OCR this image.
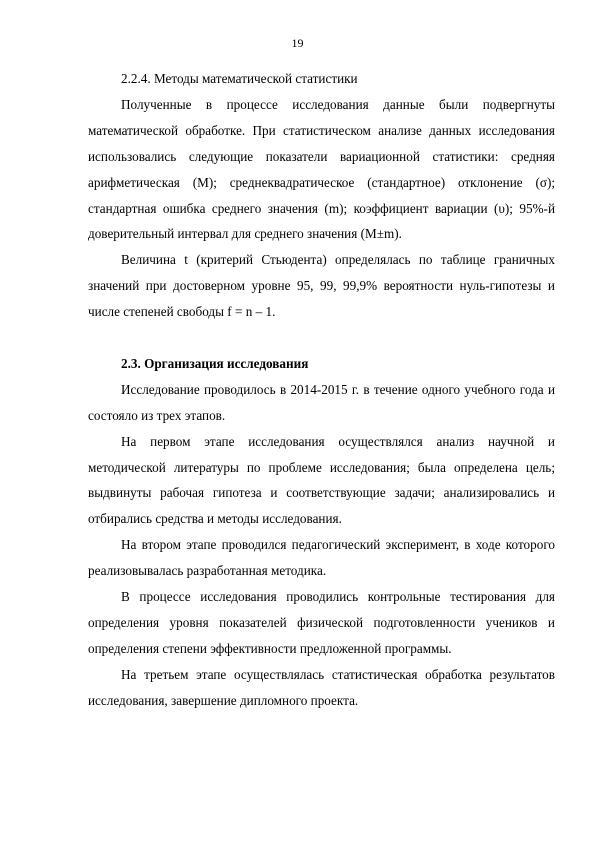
19
2.2.4. Методы математической статистики

Полученные в процессе исследования данные были подвергнуты математической обработке. При статистическом анализе данных исследования использовались следующие показатели вариационной статистики: средняя арифметическая (М); среднеквадратическое (стандартное) отклонение (σ); стандартная ошибка среднего значения (m); коэффициент вариации (υ); 95%-й доверительный интервал для среднего значения (M±m).

Величина t (критерий Стьюдента) определялась по таблице граничных значений при достоверном уровне 95, 99, 99,9% вероятности нуль-гипотезы и числе степеней свободы f = n – 1.

2.3. Организация исследования

Исследование проводилось в 2014-2015 г. в течение одного учебного года и состояло из трех этапов.

На первом этапе исследования осуществлялся анализ научной и методической литературы по проблеме исследования; была определена цель; выдвинуты рабочая гипотеза и соответствующие задачи; анализировались и отбирались средства и методы исследования.

На втором этапе проводился педагогический эксперимент, в ходе которого реализовывалась разработанная методика.

В процессе исследования проводились контрольные тестирования для определения уровня показателей физической подготовленности учеников и определения степени эффективности предложенной программы.

На третьем этапе осуществлялась статистическая обработка результатов исследования, завершение дипломного проекта.
